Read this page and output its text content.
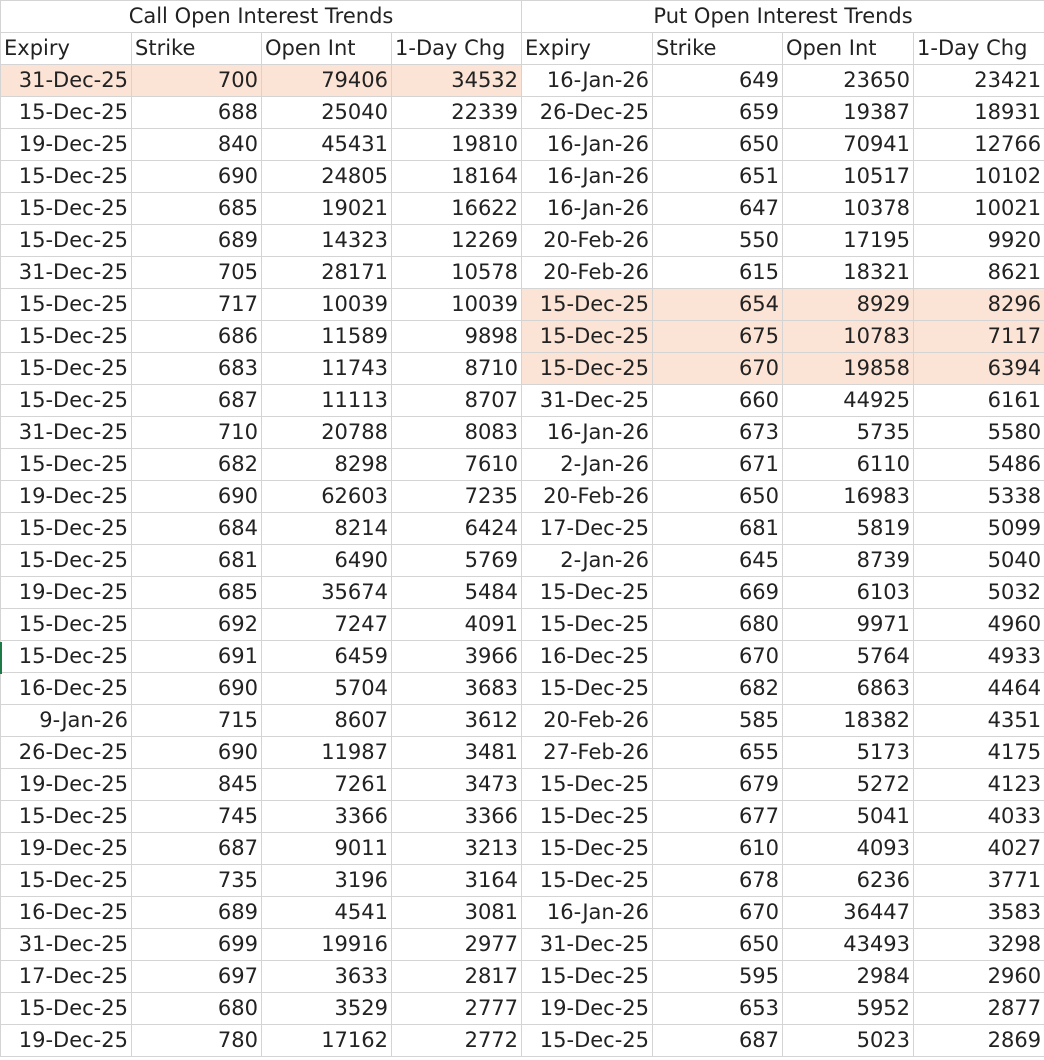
Call Open Interest Trends				Put Open Interest Trends			
Expiry	Strike	Open Int	1-Day Chg	Expiry	Strike	Open Int	1-Day Chg
31-Dec-25	700	79406	34532	16-Jan-26	649	23650	23421
15-Dec-25	688	25040	22339	26-Dec-25	659	19387	18931
19-Dec-25	840	45431	19810	16-Jan-26	650	70941	12766
15-Dec-25	690	24805	18164	16-Jan-26	651	10517	10102
15-Dec-25	685	19021	16622	16-Jan-26	647	10378	10021
15-Dec-25	689	14323	12269	20-Feb-26	550	17195	9920
31-Dec-25	705	28171	10578	20-Feb-26	615	18321	8621
15-Dec-25	717	10039	10039	15-Dec-25	654	8929	8296
15-Dec-25	686	11589	9898	15-Dec-25	675	10783	7117
15-Dec-25	683	11743	8710	15-Dec-25	670	19858	6394
15-Dec-25	687	11113	8707	31-Dec-25	660	44925	6161
31-Dec-25	710	20788	8083	16-Jan-26	673	5735	5580
15-Dec-25	682	8298	7610	2-Jan-26	671	6110	5486
19-Dec-25	690	62603	7235	20-Feb-26	650	16983	5338
15-Dec-25	684	8214	6424	17-Dec-25	681	5819	5099
15-Dec-25	681	6490	5769	2-Jan-26	645	8739	5040
19-Dec-25	685	35674	5484	15-Dec-25	669	6103	5032
15-Dec-25	692	7247	4091	15-Dec-25	680	9971	4960
15-Dec-25	691	6459	3966	16-Dec-25	670	5764	4933
16-Dec-25	690	5704	3683	15-Dec-25	682	6863	4464
9-Jan-26	715	8607	3612	20-Feb-26	585	18382	4351
26-Dec-25	690	11987	3481	27-Feb-26	655	5173	4175
19-Dec-25	845	7261	3473	15-Dec-25	679	5272	4123
15-Dec-25	745	3366	3366	15-Dec-25	677	5041	4033
19-Dec-25	687	9011	3213	15-Dec-25	610	4093	4027
15-Dec-25	735	3196	3164	15-Dec-25	678	6236	3771
16-Dec-25	689	4541	3081	16-Jan-26	670	36447	3583
31-Dec-25	699	19916	2977	31-Dec-25	650	43493	3298
17-Dec-25	697	3633	2817	15-Dec-25	595	2984	2960
15-Dec-25	680	3529	2777	19-Dec-25	653	5952	2877
19-Dec-25	780	17162	2772	15-Dec-25	687	5023	2869
